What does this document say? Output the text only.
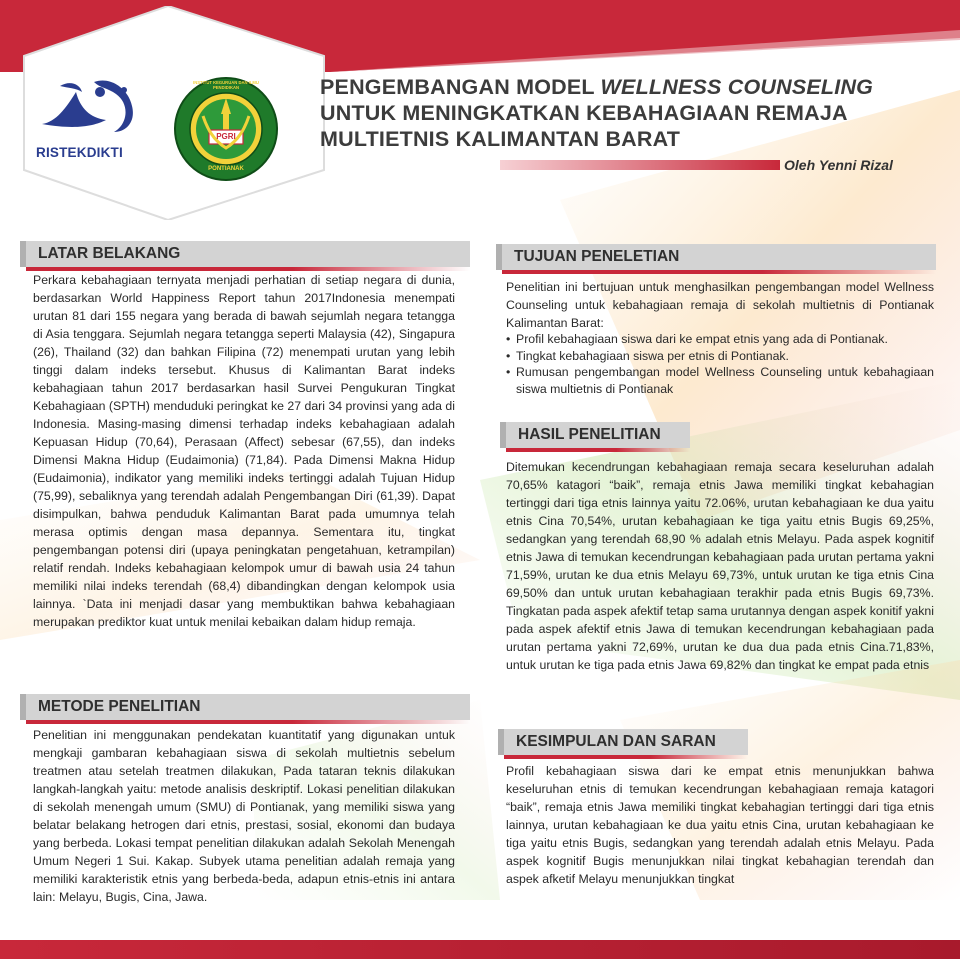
RISTEKDIKTI
PGRI
INSTITUT KEGURUAN DAN ILMU PENDIDIKAN
PONTIANAK
PENGEMBANGAN MODEL WELLNESS COUNSELING
UNTUK MENINGKATKAN KEBAHAGIAAN REMAJA
MULTIETNIS KALIMANTAN BARAT
Oleh Yenni Rizal
LATAR BELAKANG

Perkara kebahagiaan ternyata menjadi perhatian di setiap negara di dunia, berdasarkan World Happiness Report tahun 2017Indonesia menempati urutan 81 dari 155 negara yang berada di bawah sejumlah negara tetangga di Asia tenggara. Sejumlah negara tetangga seperti Malaysia (42), Singapura (26), Thailand (32) dan bahkan Filipina (72) menempati urutan yang lebih tinggi dalam indeks tersebut. Khusus di Kalimantan Barat indeks kebahagiaan tahun 2017 berdasarkan hasil Survei Pengukuran Tingkat Kebahagiaan (SPTH) menduduki peringkat ke 27 dari 34 provinsi yang ada di Indonesia. Masing-masing dimensi terhadap indeks kebahagiaan adalah Kepuasan Hidup (70,64), Perasaan (Affect) sebesar (67,55), dan indeks Dimensi Makna Hidup (Eudaimonia) (71,84). Pada Dimensi Makna Hidup (Eudaimonia), indikator yang memiliki indeks tertinggi adalah Tujuan Hidup (75,99), sebaliknya yang terendah adalah Pengembangan Diri (61,39). Dapat disimpulkan, bahwa penduduk Kalimantan Barat pada umumnya telah merasa optimis dengan masa depannya. Sementara itu, tingkat pengembangan potensi diri (upaya peningkatan pengetahuan, ketrampilan) relatif rendah. Indeks kebahagiaan kelompok umur di bawah usia 24 tahun memiliki nilai indeks terendah (68,4) dibandingkan dengan kelompok usia lainnya. `Data ini menjadi dasar yang membuktikan bahwa kebahagiaan merupakan prediktor kuat untuk menilai kebaikan dalam hidup remaja.

METODE PENELITIAN

Penelitian ini menggunakan pendekatan kuantitatif yang digunakan untuk mengkaji gambaran kebahagiaan siswa di sekolah multietnis sebelum treatmen atau setelah treatmen dilakukan, Pada tataran teknis dilakukan langkah-langkah yaitu: metode analisis deskriptif. Lokasi penelitian dilakukan di sekolah menengah umum (SMU) di Pontianak, yang memiliki siswa yang belatar belakang hetrogen dari etnis, prestasi, sosial, ekonomi dan budaya yang berbeda. Lokasi tempat penelitian dilakukan adalah Sekolah Menengah Umum Negeri 1 Sui. Kakap. Subyek utama penelitian adalah remaja yang memiliki karakteristik etnis yang berbeda-beda, adapun etnis-etnis ini antara lain: Melayu, Bugis, Cina, Jawa.

TUJUAN PENELETIAN

Penelitian ini bertujuan untuk menghasilkan pengembangan model Wellness Counseling untuk kebahagiaan remaja di sekolah multietnis di Pontianak Kalimantan Barat:

• Profil kebahagiaan siswa dari ke empat etnis yang ada di Pontianak.
• Tingkat kebahagiaan siswa per etnis di Pontianak.
• Rumusan pengembangan model Wellness Counseling untuk kebahagiaan siswa multietnis di Pontianak
HASIL PENELITIAN

Ditemukan kecendrungan kebahagiaan remaja secara keseluruhan adalah 70,65% katagori “baik”, remaja etnis Jawa memiliki tingkat kebahagian tertinggi dari tiga etnis lainnya yaitu 72.06%, urutan kebahagiaan ke dua yaitu etnis Cina 70,54%, urutan kebahagiaan ke tiga yaitu etnis Bugis 69,25%, sedangkan yang terendah 68,90 % adalah etnis Melayu. Pada aspek kognitif etnis Jawa di temukan kecendrungan kebahagiaan pada urutan pertama yakni 71,59%, urutan ke dua etnis Melayu 69,73%, untuk urutan ke tiga etnis Cina 69,50% dan untuk urutan kebahagiaan terakhir pada etnis Bugis 69,73%. Tingkatan pada aspek afektif tetap sama urutannya dengan aspek konitif yakni pada aspek afektif etnis Jawa di temukan kecendrungan kebahagiaan pada urutan pertama yakni 72,69%, urutan ke dua dua pada etnis Cina.71,83%, untuk urutan ke tiga pada etnis Jawa 69,82% dan tingkat ke empat pada etnis

KESIMPULAN DAN SARAN

Profil kebahagiaan siswa dari ke empat etnis menunjukkan bahwa keseluruhan etnis di temukan kecendrungan kebahagiaan remaja katagori “baik”, remaja etnis Jawa memiliki tingkat kebahagian tertinggi dari tiga etnis lainnya, urutan kebahagiaan ke dua yaitu etnis Cina, urutan kebahagiaan ke tiga yaitu etnis Bugis, sedangkan yang terendah adalah etnis Melayu. Pada aspek kognitif Bugis menunjukkan nilai tingkat kebahagian terendah dan aspek afketif Melayu menunjukkan tingkat
